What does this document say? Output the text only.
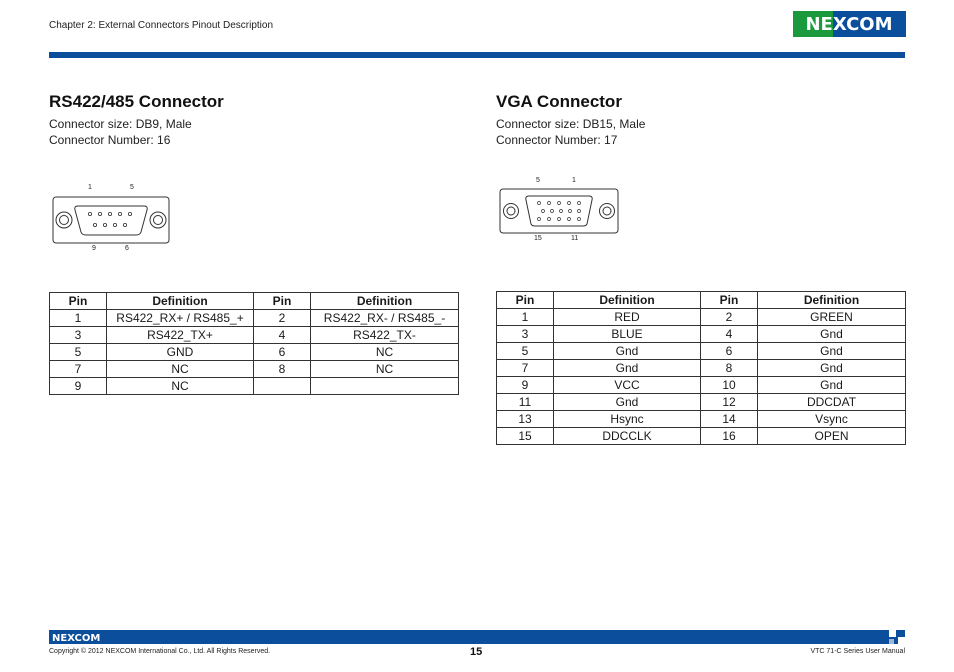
Chapter 2: External Connectors Pinout Description	NEXCOM
RS422/485 Connector
Connector size: DB9, Male
Connector Number: 16
1	5
9	6
Pin	Definition	Pin	Definition
1	RS422_RX+ / RS485_+	2	RS422_RX- / RS485_-
3	RS422_TX+	4	RS422_TX-
5	GND	6	NC
7	NC	8	NC
9	NC		
VGA Connector
Connector size: DB15, Male
Connector Number: 17
5	1
15	11
Pin	Definition	Pin	Definition
1	RED	2	GREEN
3	BLUE	4	Gnd
5	Gnd	6	Gnd
7	Gnd	8	Gnd
9	VCC	10	Gnd
11	Gnd	12	DDCDAT
13	Hsync	14	Vsync
15	DDCCLK	16	OPEN
NEXCOM
Copyright © 2012 NEXCOM International Co., Ltd. All Rights Reserved.	15	VTC 71-C Series User Manual
